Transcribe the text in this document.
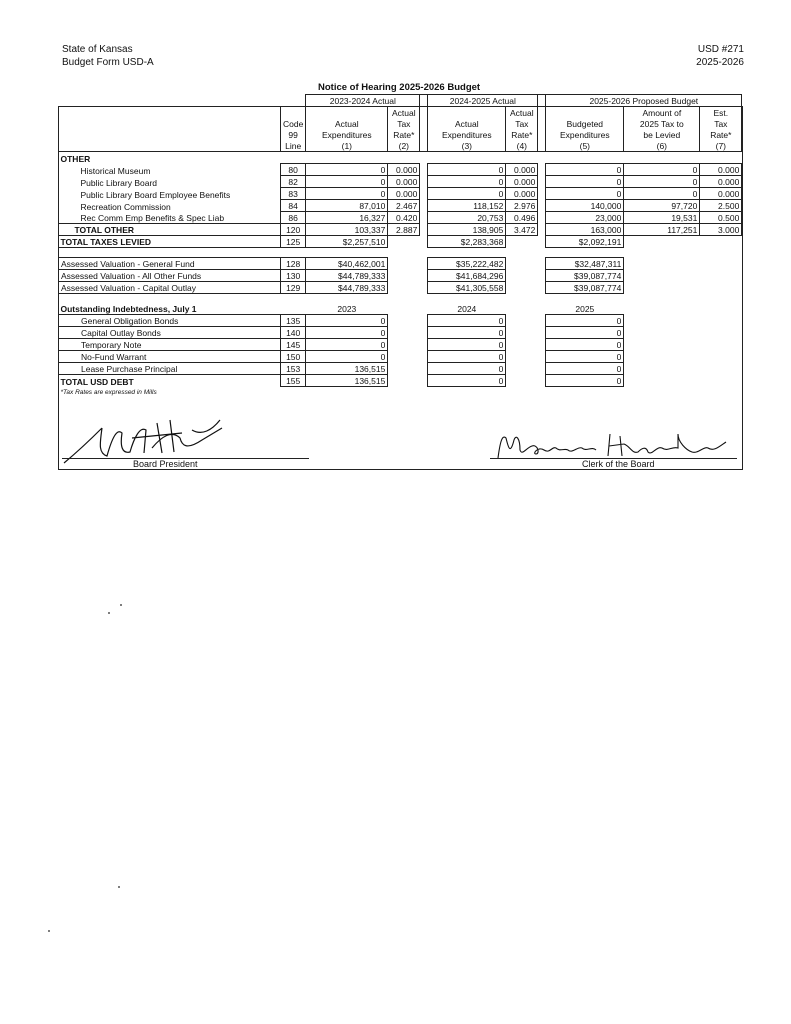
State of Kansas
Budget Form USD-A
USD #271
2025-2026
Notice of Hearing 2025-2026 Budget
		2023-2024 Actual			2024-2025 Actual			2025-2026 Proposed Budget		
			Actual			Actual			Amount of	Est.
	Code	Actual	Tax		Actual	Tax		Budgeted	2025 Tax to	Tax
	99	Expenditures	Rate*		Expenditures	Rate*		Expenditures	be Levied	Rate*
	Line	(1)	(2)		(3)	(4)		(5)	(6)	(7)
OTHER										
Historical Museum	80	0	0.000		0	0.000		0	0	0.000
Public Library Board	82	0	0.000		0	0.000		0	0	0.000
Public Library Board Employee Benefits	83	0	0.000		0	0.000		0	0	0.000
Recreation Commission	84	87,010	2.467		118,152	2.976		140,000	97,720	2.500
Rec Comm Emp Benefits & Spec Liab	86	16,327	0.420		20,753	0.496		23,000	19,531	0.500
TOTAL OTHER	120	103,337	2.887		138,905	3.472		163,000	117,251	3.000
TOTAL TAXES LEVIED	125	$2,257,510			$2,283,368			$2,092,191		

Assessed Valuation - General Fund	128	$40,462,001			$35,222,482			$32,487,311		
Assessed Valuation - All Other Funds	130	$44,789,333			$41,684,296			$39,087,774		
Assessed Valuation - Capital Outlay	129	$44,789,333			$41,305,558			$39,087,774		

Outstanding Indebtedness, July 1		2023			2024			2025		
General Obligation Bonds	135	0			0			0		
Capital Outlay Bonds	140	0			0			0		
Temporary Note	145	0			0			0		
No-Fund Warrant	150	0			0			0		
Lease Purchase Principal	153	136,515			0			0		
TOTAL USD DEBT	155	136,515			0			0		
*Tax Rates are expressed in Mills										
Board President	Clerk of the Board
